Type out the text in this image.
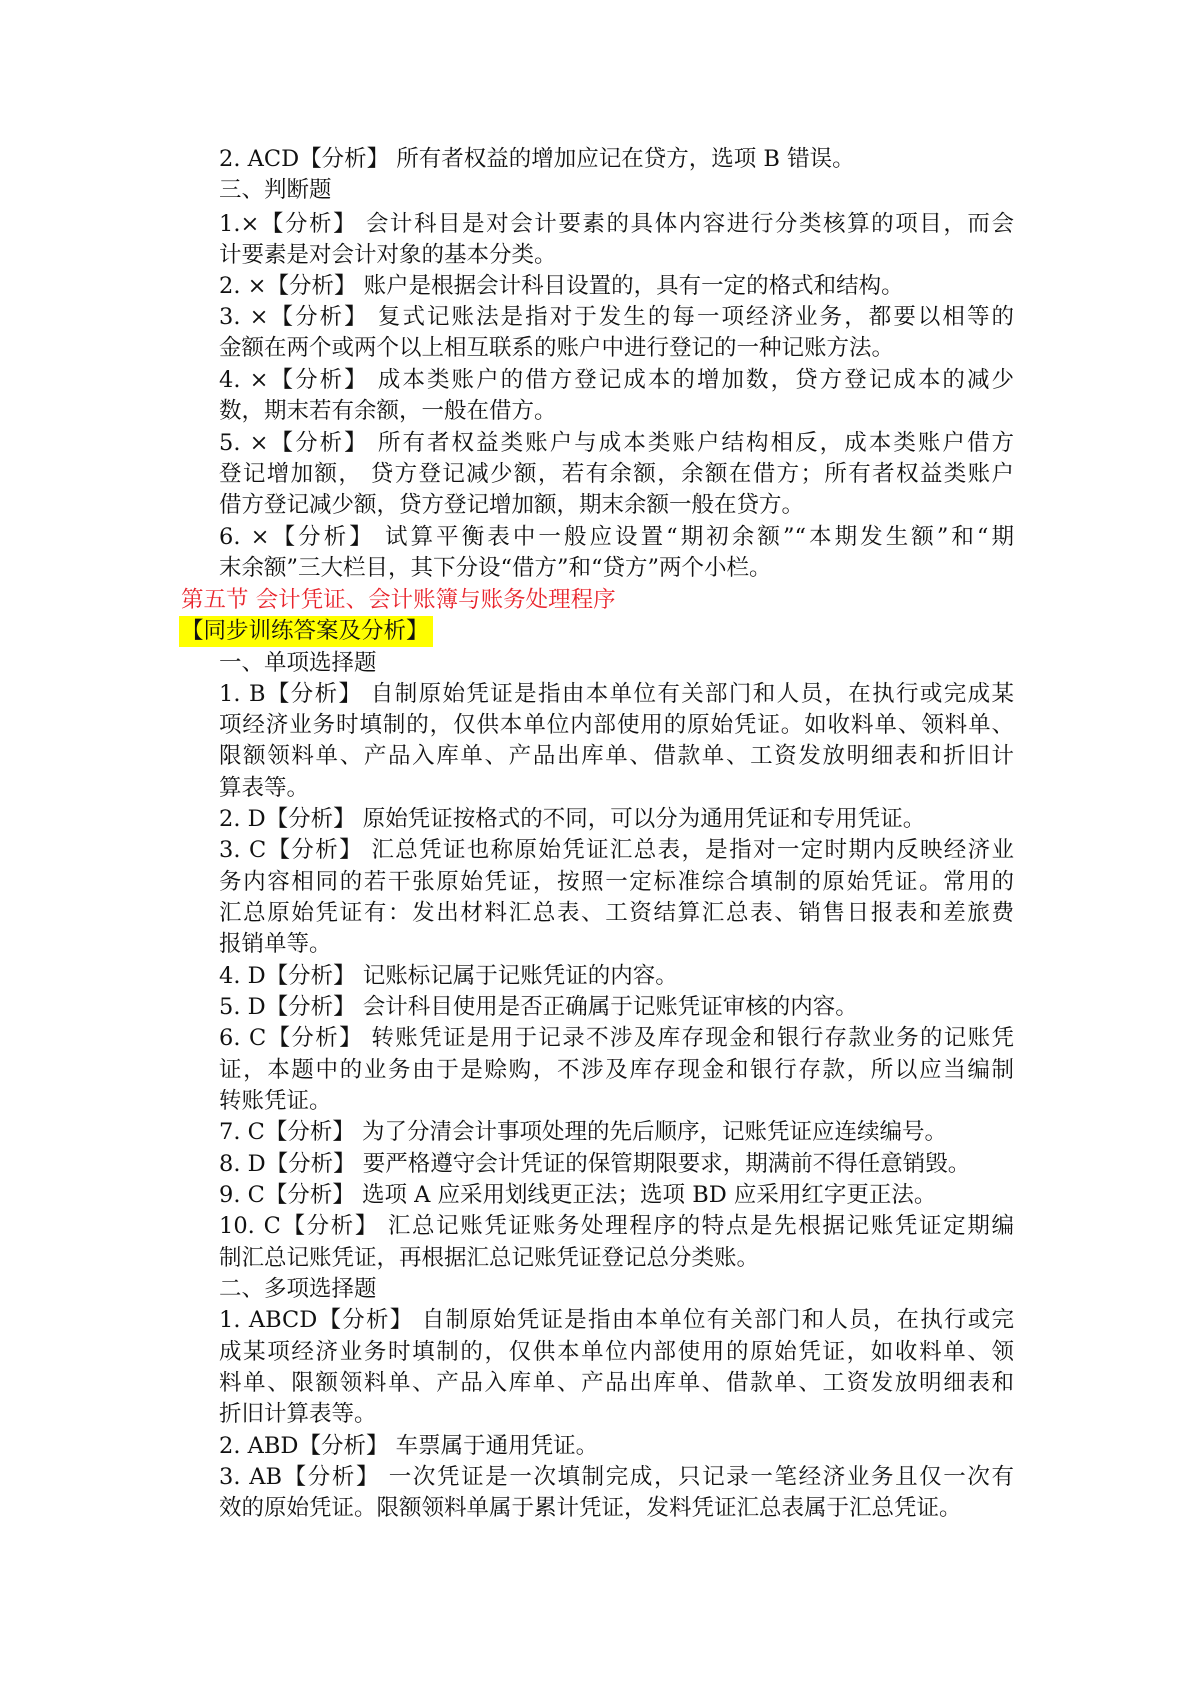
2. ACD【分析】 所有者权益的增加应记在贷方，选项 B 错误。
三、判断题
1.×【分析】 会计科目是对会计要素的具体内容进行分类核算的项目，而会
计要素是对会计对象的基本分类。
2. ×【分析】 账户是根据会计科目设置的，具有一定的格式和结构。
3. ×【分析】 复式记账法是指对于发生的每一项经济业务，都要以相等的
金额在两个或两个以上相互联系的账户中进行登记的一种记账方法。
4. ×【分析】 成本类账户的借方登记成本的增加数，贷方登记成本的减少
数，期末若有余额，一般在借方。
5. ×【分析】 所有者权益类账户与成本类账户结构相反，成本类账户借方
登记增加额， 贷方登记减少额，若有余额，余额在借方；所有者权益类账户
借方登记减少额，贷方登记增加额，期末余额一般在贷方。
6. ×【分析】 试算平衡表中一般应设置“期初余额”“本期发生额”和“期
末余额”三大栏目，其下分设“借方”和“贷方”两个小栏。
第五节 会计凭证、会计账簿与账务处理程序
【同步训练答案及分析】
一、单项选择题
1. B【分析】 自制原始凭证是指由本单位有关部门和人员，在执行或完成某
项经济业务时填制的，仅供本单位内部使用的原始凭证。如收料单、领料单、
限额领料单、产品入库单、产品出库单、借款单、工资发放明细表和折旧计
算表等。
2. D【分析】 原始凭证按格式的不同，可以分为通用凭证和专用凭证。
3. C【分析】 汇总凭证也称原始凭证汇总表，是指对一定时期内反映经济业
务内容相同的若干张原始凭证，按照一定标准综合填制的原始凭证。常用的
汇总原始凭证有：发出材料汇总表、工资结算汇总表、销售日报表和差旅费
报销单等。
4. D【分析】 记账标记属于记账凭证的内容。
5. D【分析】 会计科目使用是否正确属于记账凭证审核的内容。
6. C【分析】 转账凭证是用于记录不涉及库存现金和银行存款业务的记账凭
证，本题中的业务由于是赊购，不涉及库存现金和银行存款，所以应当编制
转账凭证。
7. C【分析】 为了分清会计事项处理的先后顺序，记账凭证应连续编号。
8. D【分析】 要严格遵守会计凭证的保管期限要求，期满前不得任意销毁。
9. C【分析】 选项 A 应采用划线更正法；选项 BD 应采用红字更正法。
10. C【分析】 汇总记账凭证账务处理程序的特点是先根据记账凭证定期编
制汇总记账凭证，再根据汇总记账凭证登记总分类账。
二、多项选择题
1. ABCD【分析】 自制原始凭证是指由本单位有关部门和人员，在执行或完
成某项经济业务时填制的，仅供本单位内部使用的原始凭证，如收料单、领
料单、限额领料单、产品入库单、产品出库单、借款单、工资发放明细表和
折旧计算表等。
2. ABD【分析】 车票属于通用凭证。
3. AB【分析】 一次凭证是一次填制完成，只记录一笔经济业务且仅一次有
效的原始凭证。限额领料单属于累计凭证，发料凭证汇总表属于汇总凭证。
